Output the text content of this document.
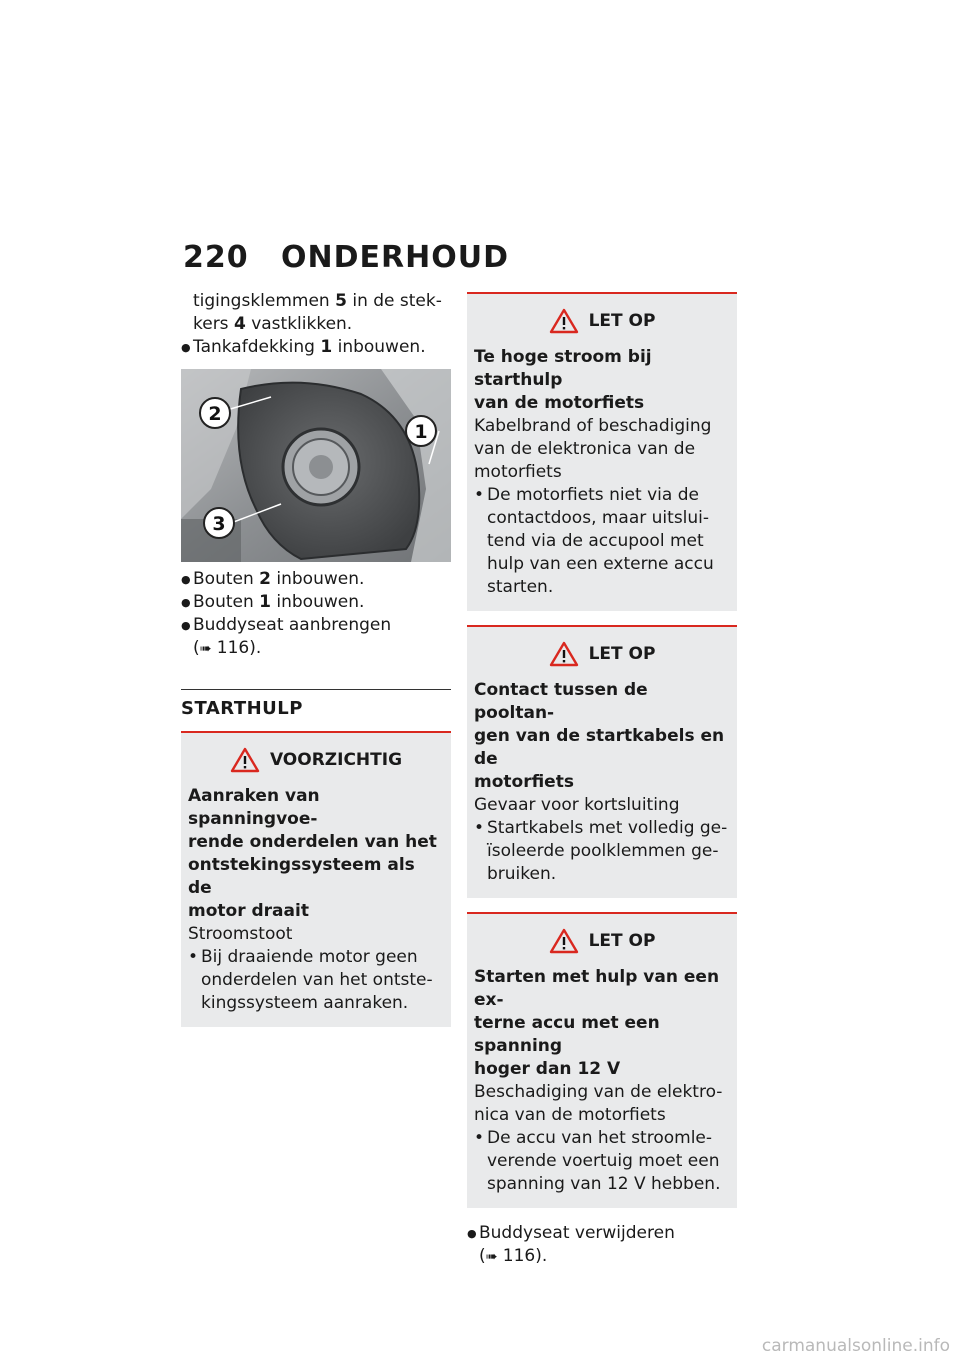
220 ONDERHOUD
tigingsklemmen 5 in de stek-
kers 4 vastklikken.
● Tankafdekking 1 inbouwen.
2
1
3
● Bouten 2 inbouwen.
● Bouten 1 inbouwen.
● Buddyseat aanbrengen
(➠ 116).
STARTHULP
VOORZICHTIG
Aanraken van spanningvoe-
rende onderdelen van het
ontstekingssysteem als de
motor draait
Stroomstoot
• Bij draaiende motor geen
onderdelen van het ontste-
kingssysteem aanraken.
LET OP
Te hoge stroom bij starthulp
van de motorfiets
Kabelbrand of beschadiging
van de elektronica van de
motorfiets
• De motorfiets niet via de
contactdoos, maar uitslui-
tend via de accupool met
hulp van een externe accu
starten.
LET OP
Contact tussen de pooltan-
gen van de startkabels en de
motorfiets
Gevaar voor kortsluiting
• Startkabels met volledig ge-
ïsoleerde poolklemmen ge-
bruiken.
LET OP
Starten met hulp van een ex-
terne accu met een spanning
hoger dan 12 V
Beschadiging van de elektro-
nica van de motorfiets
• De accu van het stroomle-
verende voertuig moet een
spanning van 12 V hebben.
● Buddyseat verwijderen
(➠ 116).
carmanualsonline.info
